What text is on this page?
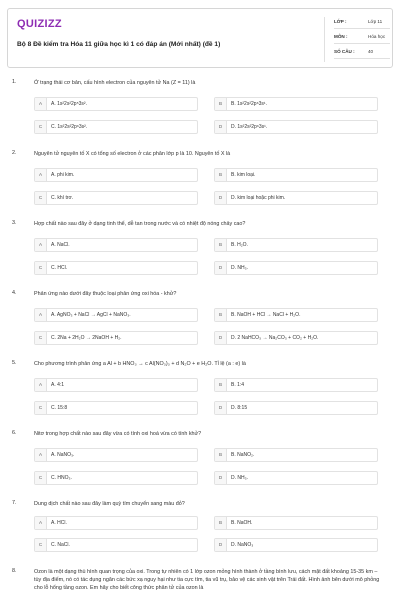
QUIZIZZ
Bộ 8 Đề kiểm tra Hóa 11 giữa học kì 1 có đáp án (Mới nhất) (đề 1)
LỚP :	Lớp 11
MÔN :	Hóa học
SỐ CÂU :	40
1.	Ở trạng thái cơ bản, cấu hình electron của nguyên tử Na (Z = 11) là
A	A. 1s²2s²2p⁵3s².	B	B. 1s²2s²2p⁶3s¹.
C	C. 1s²2s²2p⁶3s².	D	D. 1s²2s²2p⁶3s¹.
2.	Nguyên tử nguyên tố X có tổng số electron ở các phân lớp p là 10. Nguyên tố X là
A	A. phi kim.	B	B. kim loại.
C	C. khí trơ.	D	D. kim loại hoặc phi kim.
3.	Hợp chất nào sau đây ở dạng tinh thể, dễ tan trong nước và có nhiệt độ nóng chảy cao?
A	A. NaCl.	B	B. H₂O.
C	C. HCl.	D	D. NH₃.
4.	Phản ứng nào dưới đây thuộc loại phản ứng oxi hóa - khử?
A	A. AgNO₃ + NaCl → AgCl + NaNO₃.	B	B. NaOH + HCl → NaCl + H₂O.
C	C. 2Na + 2H₂O → 2NaOH + H₂.	D	D. 2 NaHCO₃ → Na₂CO₃ + CO₂ + H₂O.
5.	Cho phương trình phản ứng a Al + b HNO₃ → c Al(NO₃)₃ + d N₂O + e H₂O. Tỉ lệ (a : e) là
A	A. 4:1	B	B. 1:4
C	C. 15:8	D	D. 8:15
6.	Nitơ trong hợp chất nào sau đây vừa có tính oxi hoá vừa có tính khử?
A	A. NaNO₃.	B	B. NaNO₂.
C	C. HNO₃.	D	D. NH₃.
7.	Dung dịch chất nào sau đây làm quỳ tím chuyển sang màu đỏ?
A	A. HCl.	B	B. NaOH.
C	C. NaCl.	D	D. NaNO₃
8.	Ozon là một dạng thù hình quan trọng của oxi. Trong tự nhiên có 1 lớp ozon mỏng hình thành ở tầng bình lưu, cách mặt đất khoảng 15-35 km – tùy địa điểm, nó có tác dụng ngăn các bức xạ nguy hại như tia cực tím, tia vũ trụ, bảo vệ các sinh vật trên Trái đất. Hình ảnh bên dưới mô phỏng cho lỗ hổng tầng ozon. Em hãy cho biết công thức phân tử của ozon là
